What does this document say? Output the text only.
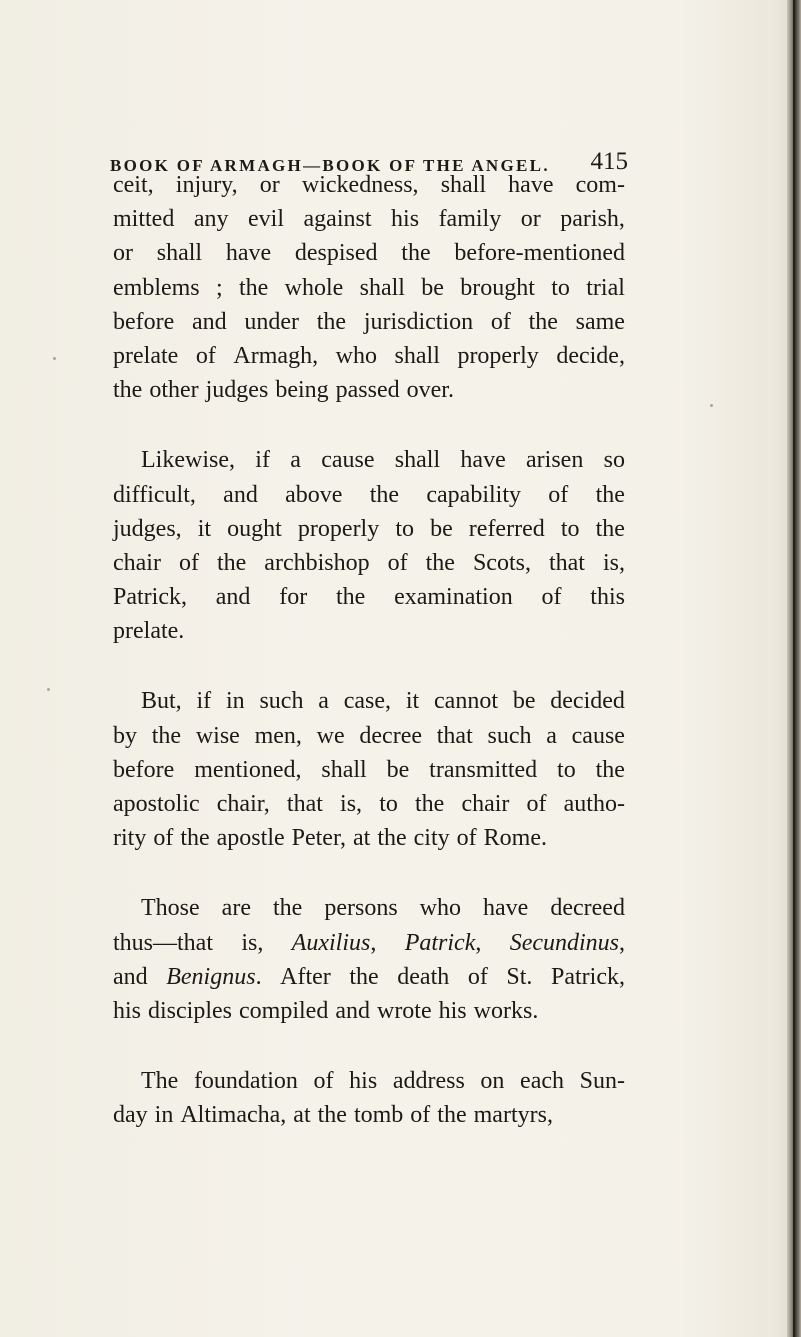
BOOK OF ARMAGH—BOOK OF THE ANGEL. 415
ceit, injury, or wickedness, shall have com-
mitted any evil against his family or parish,
or shall have despised the before-mentioned
emblems ; the whole shall be brought to trial
before and under the jurisdiction of the same
prelate of Armagh, who shall properly decide,
the other judges being passed over.
Likewise, if a cause shall have arisen so
difficult, and above the capability of the
judges, it ought properly to be referred to the
chair of the archbishop of the Scots, that is,
Patrick, and for the examination of this
prelate.
But, if in such a case, it cannot be decided
by the wise men, we decree that such a cause
before mentioned, shall be transmitted to the
apostolic chair, that is, to the chair of autho-
rity of the apostle Peter, at the city of Rome.
Those are the persons who have decreed
thus—that is, Auxilius, Patrick, Secundinus,
and Benignus. After the death of St. Patrick,
his disciples compiled and wrote his works.
The foundation of his address on each Sun-
day in Altimacha, at the tomb of the martyrs,
